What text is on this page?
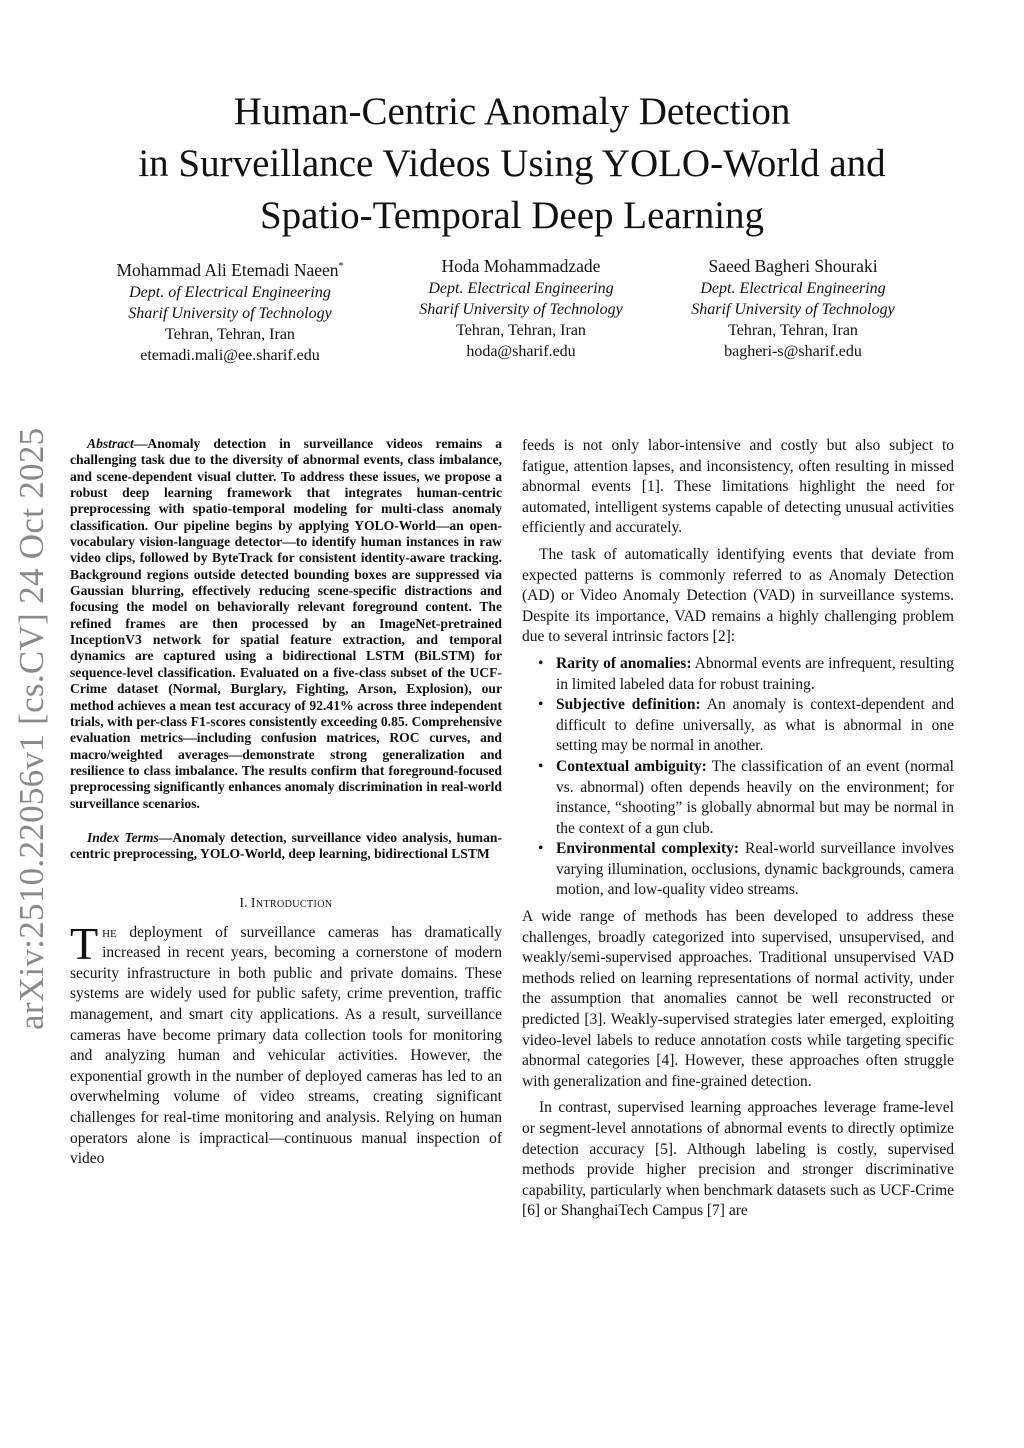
arXiv:2510.22056v1 [cs.CV] 24 Oct 2025
Human-Centric Anomaly Detection
in Surveillance Videos Using YOLO-World and
Spatio-Temporal Deep Learning
Mohammad Ali Etemadi Naeen*
Dept. of Electrical Engineering
Sharif University of Technology
Tehran, Tehran, Iran
etemadi.mali@ee.sharif.edu
Hoda Mohammadzade
Dept. Electrical Engineering
Sharif University of Technology
Tehran, Tehran, Iran
hoda@sharif.edu
Saeed Bagheri Shouraki
Dept. Electrical Engineering
Sharif University of Technology
Tehran, Tehran, Iran
bagheri-s@sharif.edu

Abstract—Anomaly detection in surveillance videos remains a challenging task due to the diversity of abnormal events, class imbalance, and scene-dependent visual clutter. To address these issues, we propose a robust deep learning framework that integrates human-centric preprocessing with spatio-temporal modeling for multi-class anomaly classification. Our pipeline begins by applying YOLO-World—an open-vocabulary vision-language detector—to identify human instances in raw video clips, followed by ByteTrack for consistent identity-aware tracking. Background regions outside detected bounding boxes are suppressed via Gaussian blurring, effectively reducing scene-specific distractions and focusing the model on behaviorally relevant foreground content. The refined frames are then processed by an ImageNet-pretrained InceptionV3 network for spatial feature extraction, and temporal dynamics are captured using a bidirectional LSTM (BiLSTM) for sequence-level classification. Evaluated on a five-class subset of the UCF-Crime dataset (Normal, Burglary, Fighting, Arson, Explosion), our method achieves a mean test accuracy of 92.41% across three independent trials, with per-class F1-scores consistently exceeding 0.85. Comprehensive evaluation metrics—including confusion matrices, ROC curves, and macro/weighted averages—demonstrate strong generalization and resilience to class imbalance. The results confirm that foreground-focused preprocessing significantly enhances anomaly discrimination in real-world surveillance scenarios.

Index Terms—Anomaly detection, surveillance video analysis, human-centric preprocessing, YOLO-World, deep learning, bidirectional LSTM

I. Introduction

The deployment of surveillance cameras has dramatically increased in recent years, becoming a cornerstone of modern security infrastructure in both public and private domains. These systems are widely used for public safety, crime prevention, traffic management, and smart city applications. As a result, surveillance cameras have become primary data collection tools for monitoring and analyzing human and vehicular activities. However, the exponential growth in the number of deployed cameras has led to an overwhelming volume of video streams, creating significant challenges for real-time monitoring and analysis. Relying on human operators alone is impractical—continuous manual inspection of video

feeds is not only labor-intensive and costly but also subject to fatigue, attention lapses, and inconsistency, often resulting in missed abnormal events [1]. These limitations highlight the need for automated, intelligent systems capable of detecting unusual activities efficiently and accurately.

The task of automatically identifying events that deviate from expected patterns is commonly referred to as Anomaly Detection (AD) or Video Anomaly Detection (VAD) in surveillance systems. Despite its importance, VAD remains a highly challenging problem due to several intrinsic factors [2]:

• Rarity of anomalies: Abnormal events are infrequent, resulting in limited labeled data for robust training.
• Subjective definition: An anomaly is context-dependent and difficult to define universally, as what is abnormal in one setting may be normal in another.
• Contextual ambiguity: The classification of an event (normal vs. abnormal) often depends heavily on the environment; for instance, “shooting” is globally abnormal but may be normal in the context of a gun club.
• Environmental complexity: Real-world surveillance involves varying illumination, occlusions, dynamic backgrounds, camera motion, and low-quality video streams.

A wide range of methods has been developed to address these challenges, broadly categorized into supervised, unsupervised, and weakly/semi-supervised approaches. Traditional unsupervised VAD methods relied on learning representations of normal activity, under the assumption that anomalies cannot be well reconstructed or predicted [3]. Weakly-supervised strategies later emerged, exploiting video-level labels to reduce annotation costs while targeting specific abnormal categories [4]. However, these approaches often struggle with generalization and fine-grained detection.

In contrast, supervised learning approaches leverage frame-level or segment-level annotations of abnormal events to directly optimize detection accuracy [5]. Although labeling is costly, supervised methods provide higher precision and stronger discriminative capability, particularly when benchmark datasets such as UCF-Crime [6] or ShanghaiTech Campus [7] are
